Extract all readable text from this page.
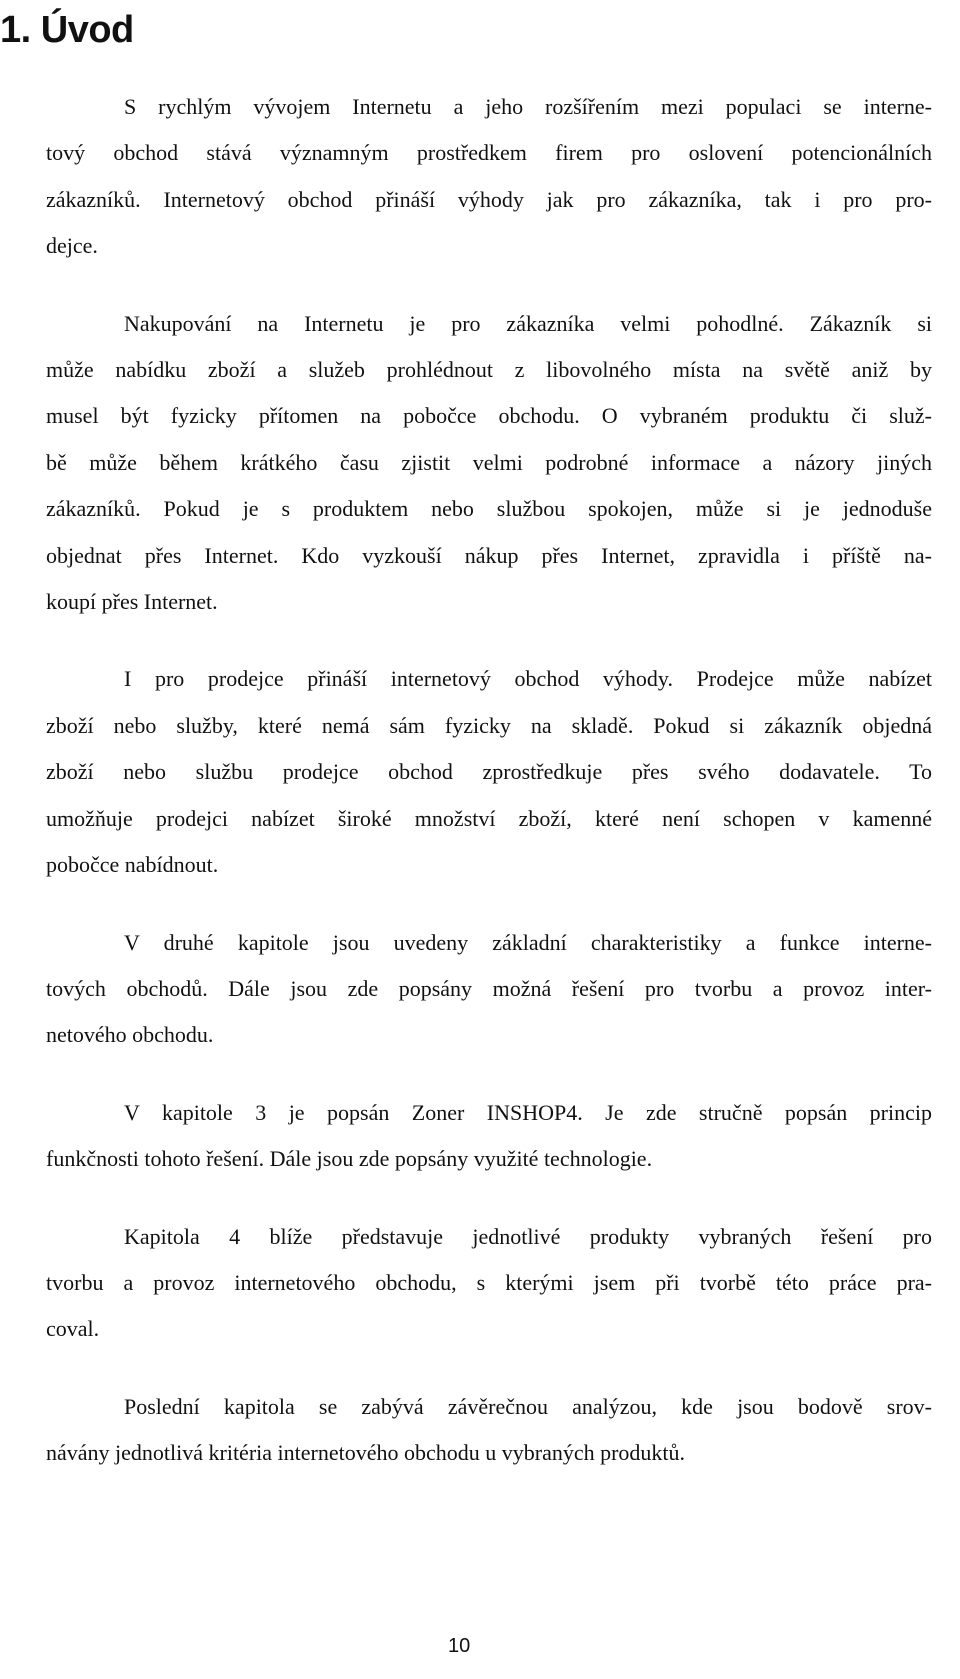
1. Úvod

S rychlým vývojem Internetu a jeho rozšířením mezi populaci se interne-
tový obchod stává významným prostředkem firem pro oslovení potencionálních
zákazníků. Internetový obchod přináší výhody jak pro zákazníka, tak i pro pro-
dejce.

Nakupování na Internetu je pro zákazníka velmi pohodlné. Zákazník si
může nabídku zboží a služeb prohlédnout z libovolného místa na světě aniž by
musel být fyzicky přítomen na pobočce obchodu. O vybraném produktu či služ-
bě může během krátkého času zjistit velmi podrobné informace a názory jiných
zákazníků. Pokud je s produktem nebo službou spokojen, může si je jednoduše
objednat přes Internet. Kdo vyzkouší nákup přes Internet, zpravidla i příště na-
koupí přes Internet.

I pro prodejce přináší internetový obchod výhody. Prodejce může nabízet
zboží nebo služby, které nemá sám fyzicky na skladě. Pokud si zákazník objedná
zboží nebo službu prodejce obchod zprostředkuje přes svého dodavatele. To
umožňuje prodejci nabízet široké množství zboží, které není schopen v kamenné
pobočce nabídnout.

V druhé kapitole jsou uvedeny základní charakteristiky a funkce interne-
tových obchodů. Dále jsou zde popsány možná řešení pro tvorbu a provoz inter-
netového obchodu.

V kapitole 3 je popsán Zoner INSHOP4. Je zde stručně popsán princip
funkčnosti tohoto řešení. Dále jsou zde popsány využité technologie.

Kapitola 4 blíže představuje jednotlivé produkty vybraných řešení pro
tvorbu a provoz internetového obchodu, s kterými jsem při tvorbě této práce pra-
coval.

Poslední kapitola se zabývá závěrečnou analýzou, kde jsou bodově srov-
návány jednotlivá kritéria internetového obchodu u vybraných produktů.

10
